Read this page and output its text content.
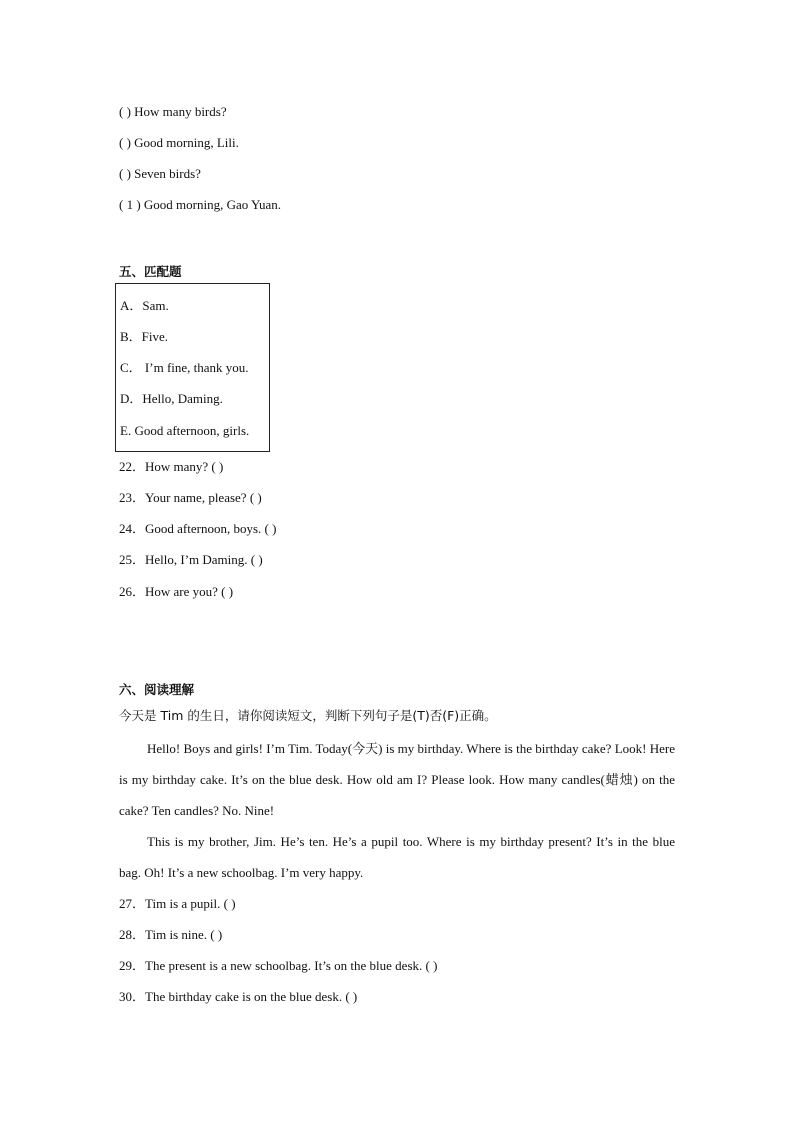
( ) How many birds?
( ) Good morning, Lili.
( ) Seven birds?
( 1 ) Good morning, Gao Yuan.
五、匹配题
A．Sam.
B．Five.
C． I’m fine, thank you.
D．Hello, Daming.
E. Good afternoon, girls.
22．How many? ( )
23．Your name, please? ( )
24．Good afternoon, boys. ( )
25．Hello, I’m Daming. ( )
26．How are you? ( )
六、阅读理解
今天是 Tim 的生日，请你阅读短文，判断下列句子是(T)否(F)正确。
Hello! Boys and girls! I’m Tim. Today(今天) is my birthday. Where is the birthday cake? Look! Here is my birthday cake. It’s on the blue desk. How old am I? Please look. How many candles(蜡烛) on the cake? Ten candles? No. Nine!
This is my brother, Jim. He’s ten. He’s a pupil too. Where is my birthday present? It’s in the blue bag. Oh! It’s a new schoolbag. I’m very happy.
27．Tim is a pupil. ( )
28．Tim is nine. ( )
29．The present is a new schoolbag. It’s on the blue desk. ( )
30．The birthday cake is on the blue desk. ( )
